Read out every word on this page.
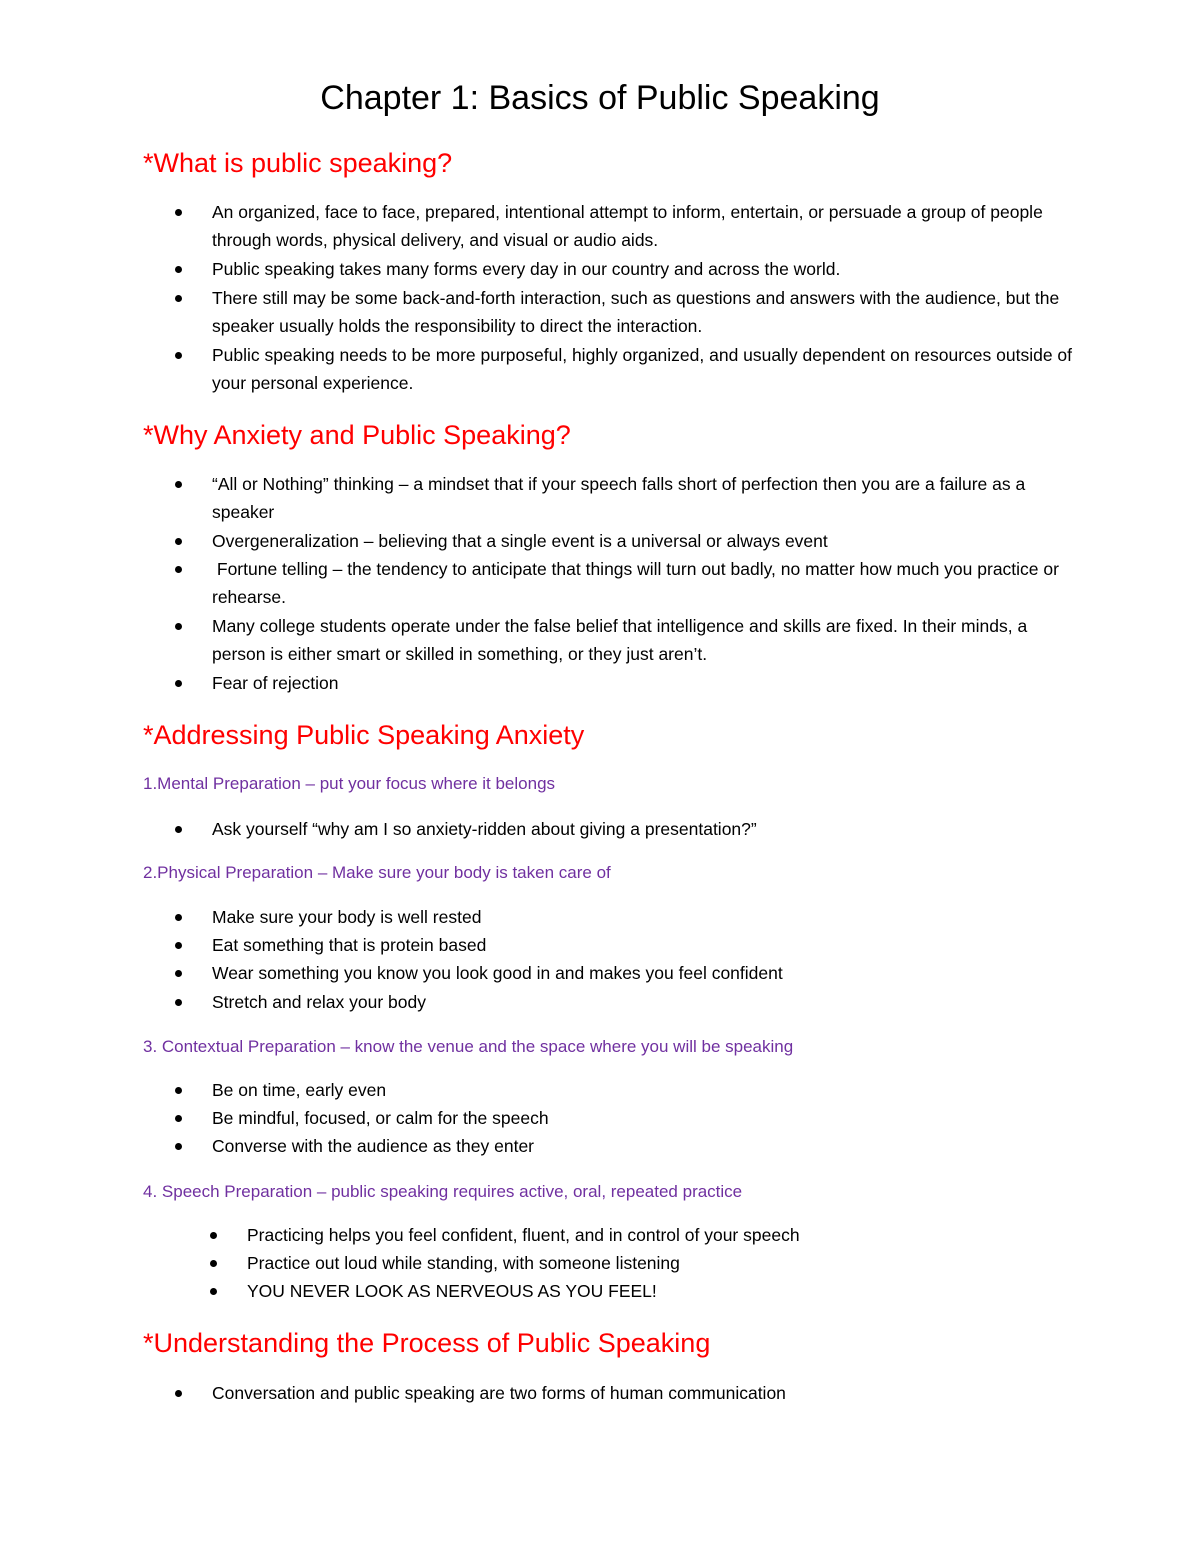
Chapter 1: Basics of Public Speaking
*What is public speaking?
An organized, face to face, prepared, intentional attempt to inform, entertain, or persuade a group of people through words, physical delivery, and visual or audio aids.
Public speaking takes many forms every day in our country and across the world.
There still may be some back-and-forth interaction, such as questions and answers with the audience, but the speaker usually holds the responsibility to direct the interaction.
Public speaking needs to be more purposeful, highly organized, and usually dependent on resources outside of your personal experience.
*Why Anxiety and Public Speaking?
“All or Nothing” thinking – a mindset that if your speech falls short of perfection then you are a failure as a speaker
Overgeneralization – believing that a single event is a universal or always event
Fortune telling – the tendency to anticipate that things will turn out badly, no matter how much you practice or rehearse.
Many college students operate under the false belief that intelligence and skills are fixed. In their minds, a person is either smart or skilled in something, or they just aren’t.
Fear of rejection
*Addressing Public Speaking Anxiety
1.Mental Preparation – put your focus where it belongs
Ask yourself “why am I so anxiety-ridden about giving a presentation?”
2.Physical Preparation – Make sure your body is taken care of
Make sure your body is well rested
Eat something that is protein based
Wear something you know you look good in and makes you feel confident
Stretch and relax your body
3. Contextual Preparation – know the venue and the space where you will be speaking
Be on time, early even
Be mindful, focused, or calm for the speech
Converse with the audience as they enter
4. Speech Preparation – public speaking requires active, oral, repeated practice
Practicing helps you feel confident, fluent, and in control of your speech
Practice out loud while standing, with someone listening
YOU NEVER LOOK AS NERVEOUS AS YOU FEEL!
*Understanding the Process of Public Speaking
Conversation and public speaking are two forms of human communication
